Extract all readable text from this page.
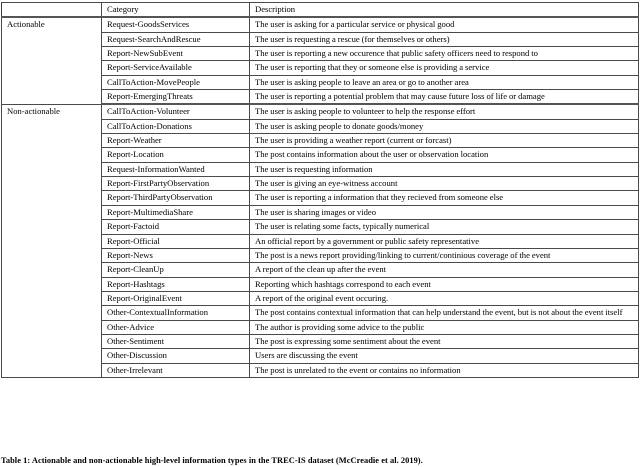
	Category	Description
Actionable	Request-GoodsServices	The user is asking for a particular service or physical good
	Request-SearchAndRescue	The user is requesting a rescue (for themselves or others)
	Report-NewSubEvent	The user is reporting a new occurence that public safety officers need to respond to
	Report-ServiceAvailable	The user is reporting that they or someone else is providing a service
	CallToAction-MovePeople	The user is asking people to leave an area or go to another area
	Report-EmergingThreats	The user is reporting a potential problem that may cause future loss of life or damage
Non-actionable	CallToAction-Volunteer	The user is asking people to volunteer to help the response effort
	CallToAction-Donations	The user is asking people to donate goods/money
	Report-Weather	The user is providing a weather report (current or forcast)
	Report-Location	The post contains information about the user or observation location
	Request-InformationWanted	The user is requesting information
	Report-FirstPartyObservation	The user is giving an eye-witness account
	Report-ThirdPartyObservation	The user is reporting a information that they recieved from someone else
	Report-MultimediaShare	The user is sharing images or video
	Report-Factoid	The user is relating some facts, typically numerical
	Report-Official	An official report by a government or public safety representative
	Report-News	The post is a news report providing/linking to current/continious coverage of the event
	Report-CleanUp	A report of the clean up after the event
	Report-Hashtags	Reporting which hashtags correspond to each event
	Report-OriginalEvent	A report of the original event occuring.
	Other-ContextualInformation	The post contains contextual information that can help understand the event, but is not about the event itself
	Other-Advice	The author is providing some advice to the public
	Other-Sentiment	The post is expressing some sentiment about the event
	Other-Discussion	Users are discussing the event
	Other-Irrelevant	The post is unrelated to the event or contains no information
Table 1: Actionable and non-actionable high-level information types in the TREC-IS dataset (McCreadie et al. 2019).
